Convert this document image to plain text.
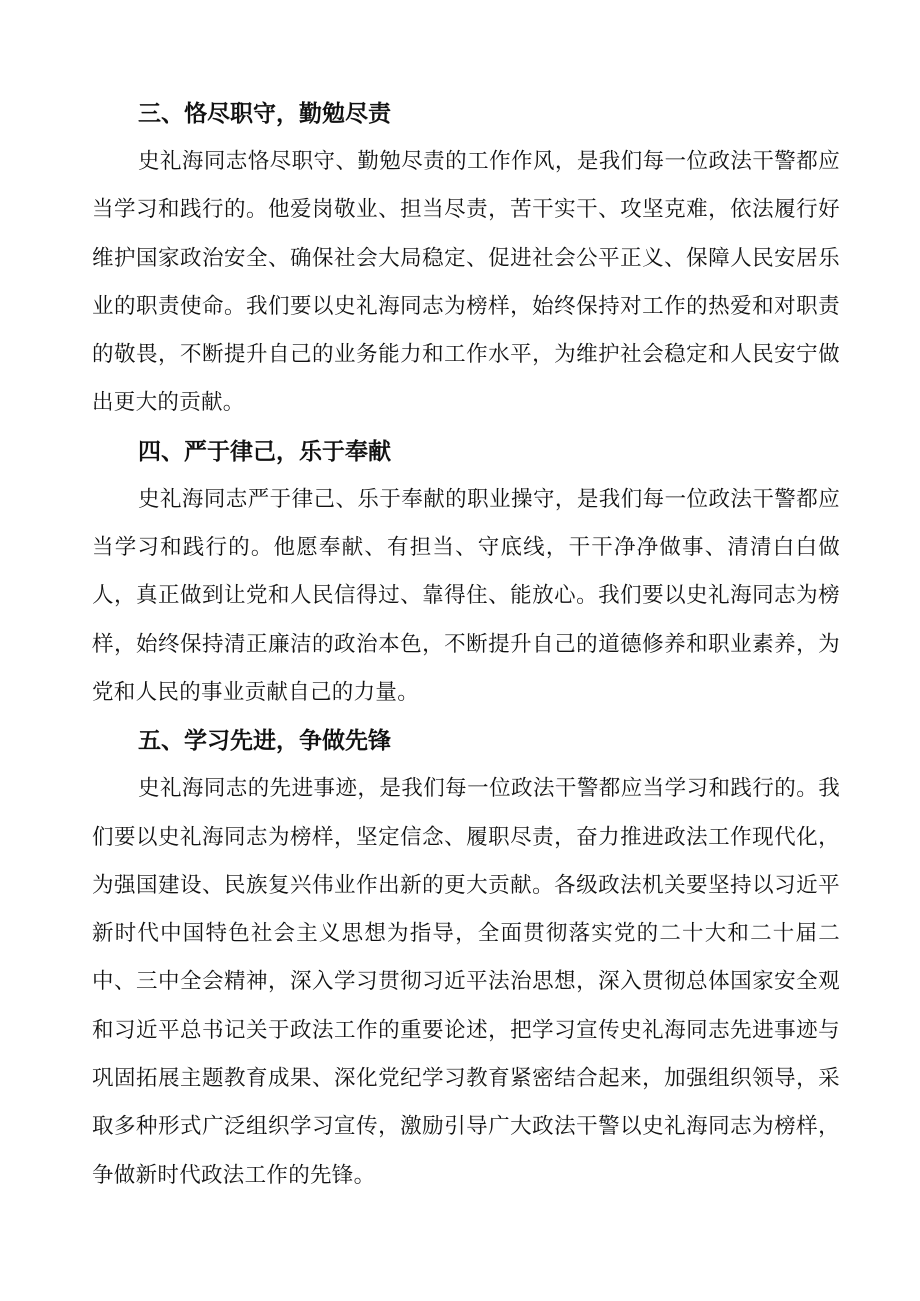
三、恪尽职守，勤勉尽责

史礼海同志恪尽职守、勤勉尽责的工作作风，是我们每一位政法干警都应当学习和践行的。他爱岗敬业、担当尽责，苦干实干、攻坚克难，依法履行好维护国家政治安全、确保社会大局稳定、促进社会公平正义、保障人民安居乐业的职责使命。我们要以史礼海同志为榜样，始终保持对工作的热爱和对职责的敬畏，不断提升自己的业务能力和工作水平，为维护社会稳定和人民安宁做出更大的贡献。

四、严于律己，乐于奉献

史礼海同志严于律己、乐于奉献的职业操守，是我们每一位政法干警都应当学习和践行的。他愿奉献、有担当、守底线，干干净净做事、清清白白做人，真正做到让党和人民信得过、靠得住、能放心。我们要以史礼海同志为榜样，始终保持清正廉洁的政治本色，不断提升自己的道德修养和职业素养，为党和人民的事业贡献自己的力量。

五、学习先进，争做先锋

史礼海同志的先进事迹，是我们每一位政法干警都应当学习和践行的。我们要以史礼海同志为榜样，坚定信念、履职尽责，奋力推进政法工作现代化，为强国建设、民族复兴伟业作出新的更大贡献。各级政法机关要坚持以习近平新时代中国特色社会主义思想为指导，全面贯彻落实党的二十大和二十届二中、三中全会精神，深入学习贯彻习近平法治思想，深入贯彻总体国家安全观和习近平总书记关于政法工作的重要论述，把学习宣传史礼海同志先进事迹与巩固拓展主题教育成果、深化党纪学习教育紧密结合起来，加强组织领导，采取多种形式广泛组织学习宣传，激励引导广大政法干警以史礼海同志为榜样，争做新时代政法工作的先锋。
